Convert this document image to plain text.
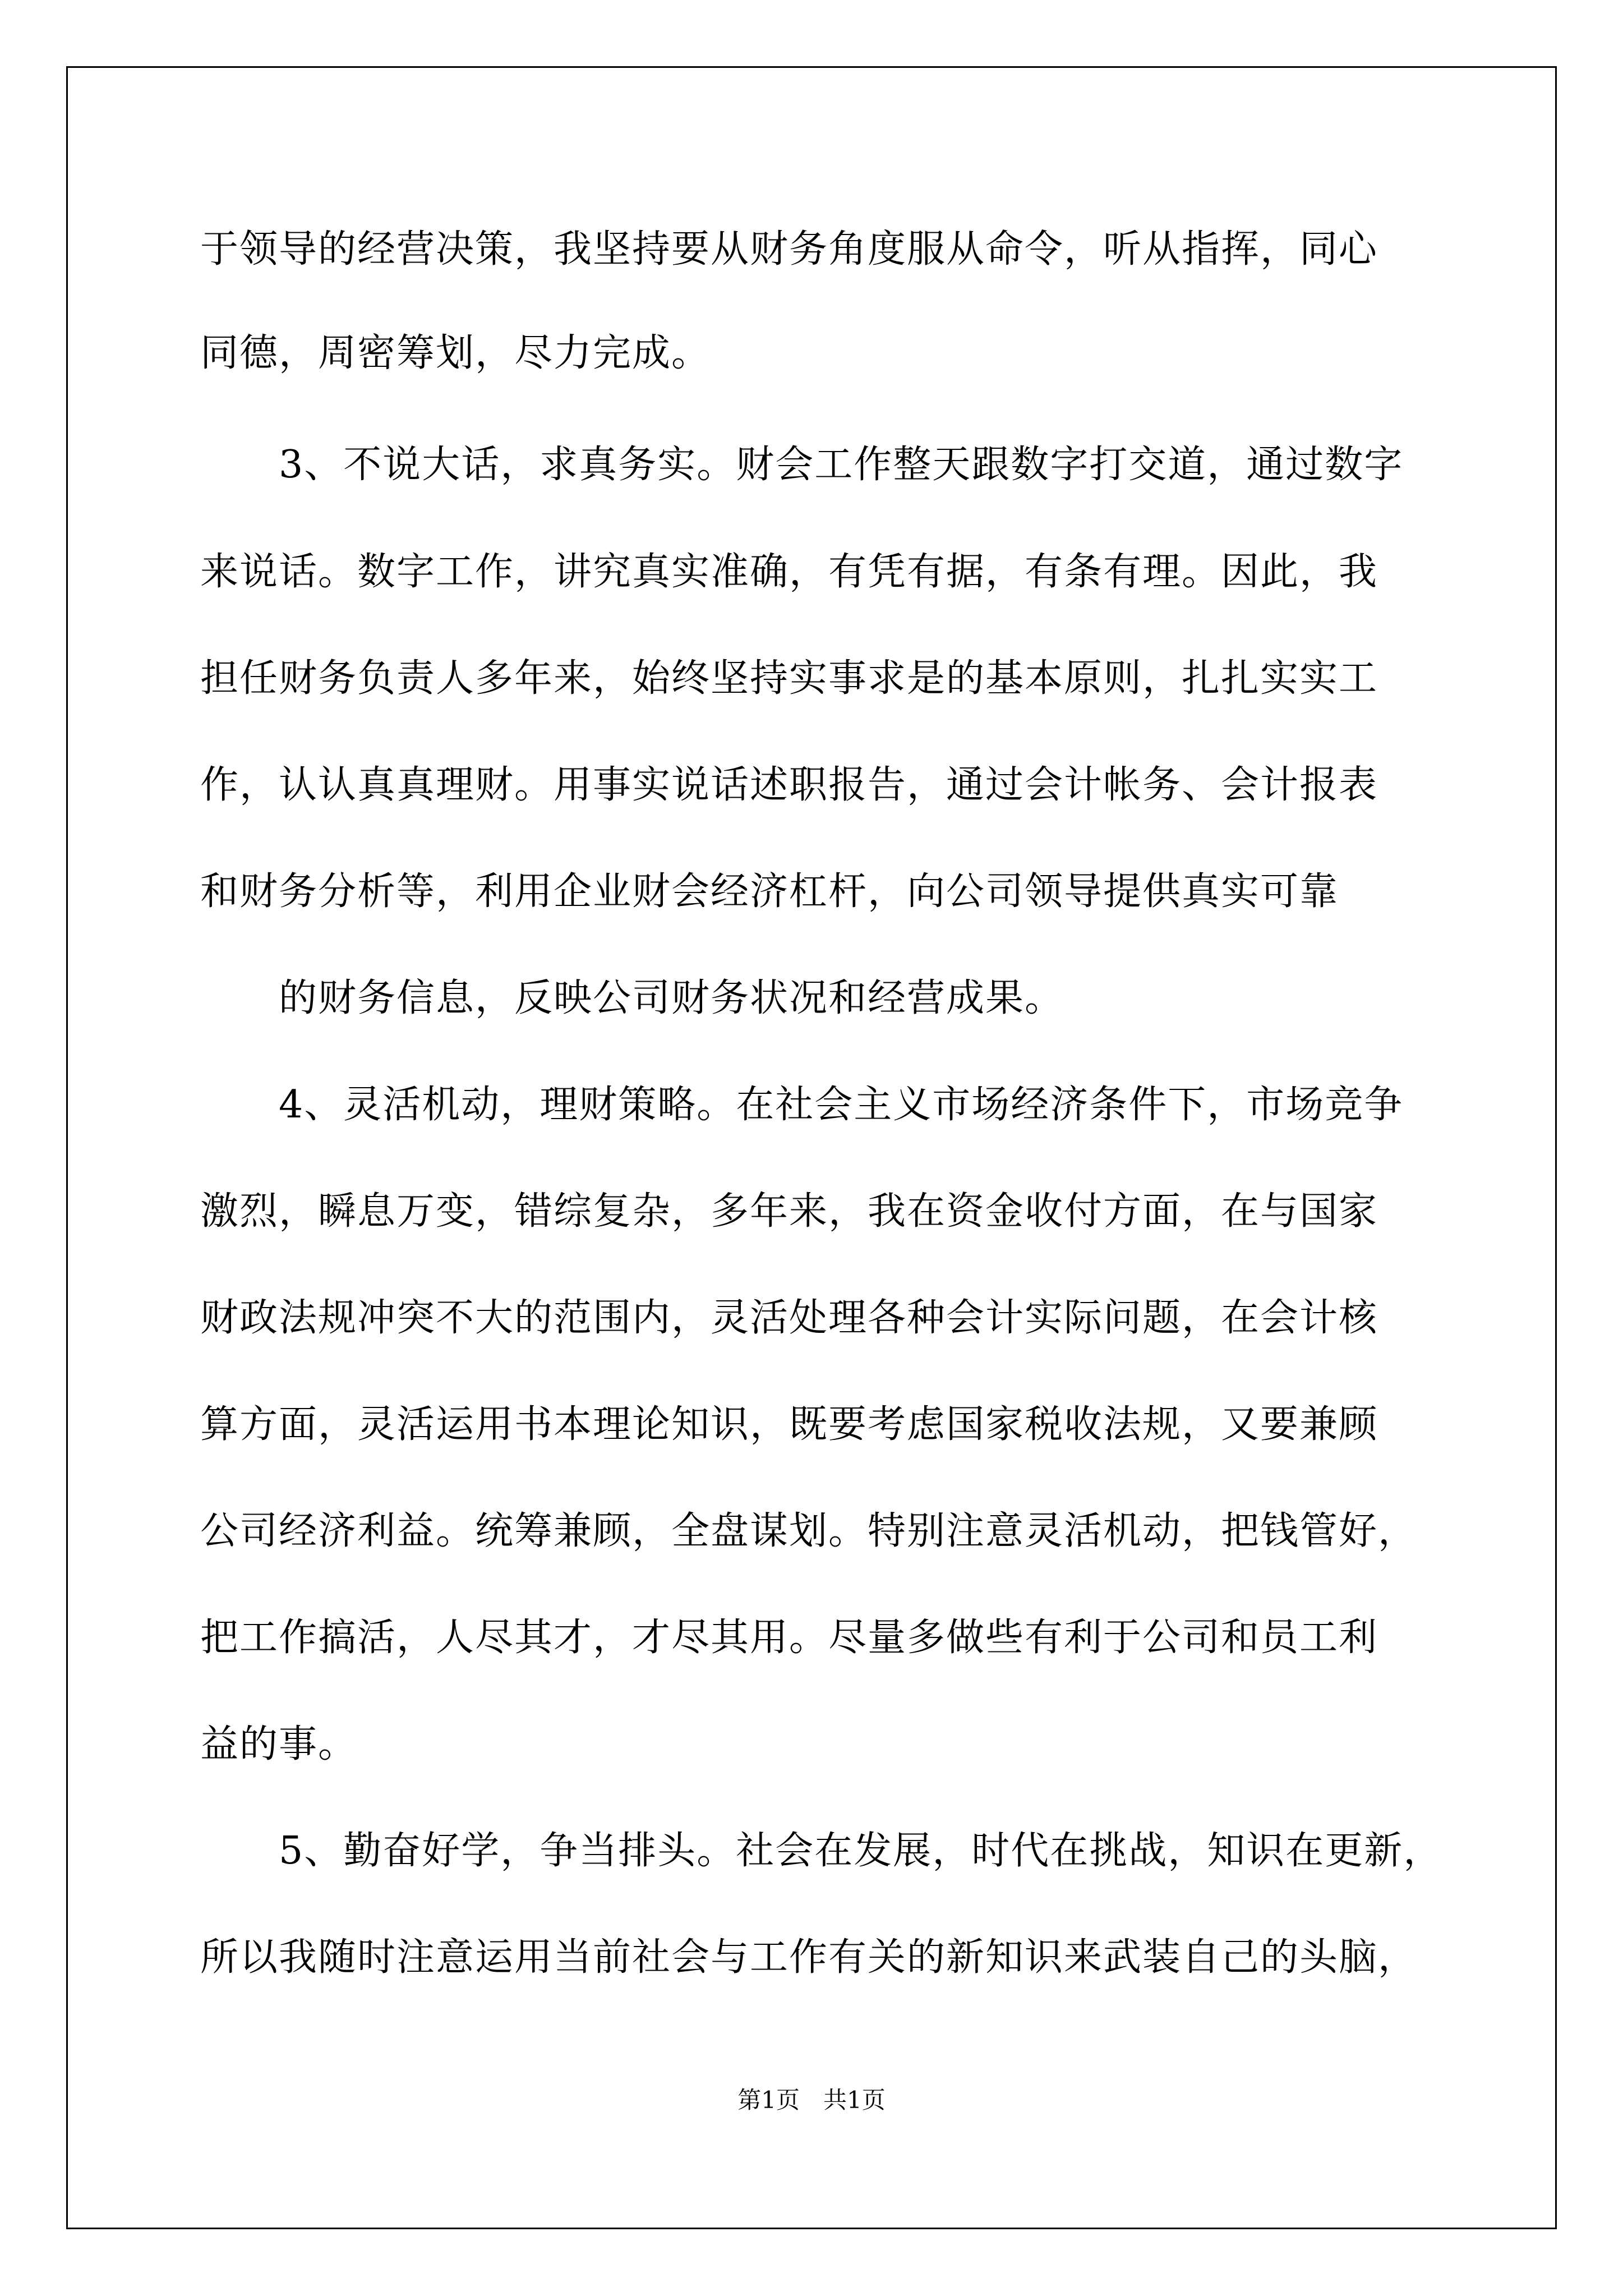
于领导的经营决策，我坚持要从财务角度服从命令，听从指挥，同心
同德，周密筹划，尽力完成。
3、不说大话，求真务实。财会工作整天跟数字打交道，通过数字
来说话。数字工作，讲究真实准确，有凭有据，有条有理。因此，我
担任财务负责人多年来，始终坚持实事求是的基本原则，扎扎实实工
作，认认真真理财。用事实说话述职报告，通过会计帐务、会计报表
和财务分析等，利用企业财会经济杠杆，向公司领导提供真实可靠
的财务信息，反映公司财务状况和经营成果。
4、灵活机动，理财策略。在社会主义市场经济条件下，市场竞争
激烈，瞬息万变，错综复杂，多年来，我在资金收付方面，在与国家
财政法规冲突不大的范围内，灵活处理各种会计实际问题，在会计核
算方面，灵活运用书本理论知识，既要考虑国家税收法规，又要兼顾
公司经济利益。统筹兼顾，全盘谋划。特别注意灵活机动，把钱管好，
把工作搞活，人尽其才，才尽其用。尽量多做些有利于公司和员工利
益的事。
5、勤奋好学，争当排头。社会在发展，时代在挑战，知识在更新，
所以我随时注意运用当前社会与工作有关的新知识来武装自己的头脑，
第1页　共1页
